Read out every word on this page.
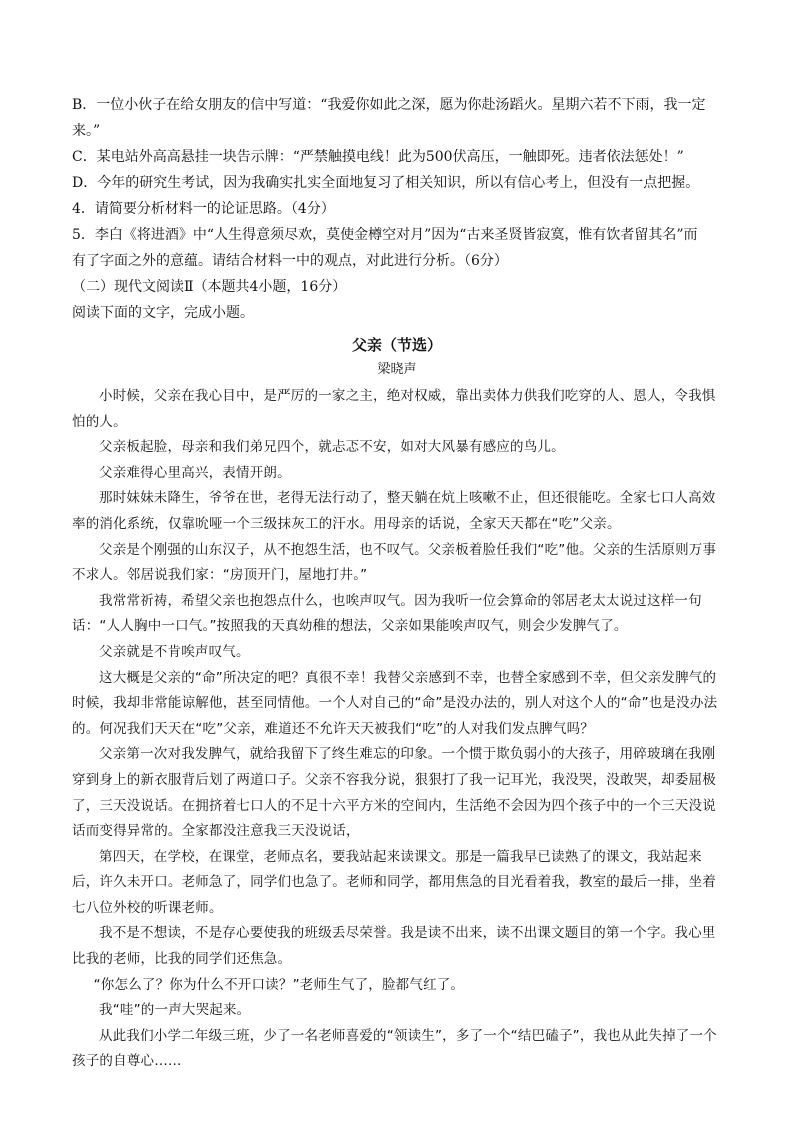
B．一位小伙子在给女朋友的信中写道：“我爱你如此之深，愿为你赴汤蹈火。星期六若不下雨，我一定来。”

C．某电站外高高悬挂一块告示牌：“严禁触摸电线！此为500伏高压，一触即死。违者依法惩处！”

D．今年的研究生考试，因为我确实扎实全面地复习了相关知识，所以有信心考上，但没有一点把握。

4．请简要分析材料一的论证思路。（4分）

5．李白《将进酒》中“人生得意须尽欢，莫使金樽空对月”因为“古来圣贤皆寂寞，惟有饮者留其名”而

有了字面之外的意蕴。请结合材料一中的观点，对此进行分析。（6分）

（二）现代文阅读Ⅱ（本题共4小题，16分）

阅读下面的文字，完成小题。

父亲（节选）
梁晓声

小时候，父亲在我心目中，是严厉的一家之主，绝对权威，靠出卖体力供我们吃穿的人、恩人，令我惧怕的人。

父亲板起脸，母亲和我们弟兄四个，就忐忑不安，如对大风暴有感应的鸟儿。

父亲难得心里高兴，表情开朗。

那时妹妹未降生，爷爷在世，老得无法行动了，整天躺在炕上咳嗽不止，但还很能吃。全家七口人高效率的消化系统，仅靠吮哑一个三级抹灰工的汗水。用母亲的话说，全家天天都在“吃”父亲。

父亲是个刚强的山东汉子，从不抱怨生活，也不叹气。父亲板着脸任我们“吃”他。父亲的生活原则万事不求人。邻居说我们家：“房顶开门，屋地打井。”

我常常祈祷，希望父亲也抱怨点什么，也唉声叹气。因为我听一位会算命的邻居老太太说过这样一句话：“人人胸中一口气。”按照我的天真幼稚的想法，父亲如果能唉声叹气，则会少发脾气了。

父亲就是不肯唉声叹气。

这大概是父亲的“命”所决定的吧？真很不幸！我替父亲感到不幸，也替全家感到不幸，但父亲发脾气的时候，我却非常能谅解他，甚至同情他。一个人对自己的“命”是没办法的，别人对这个人的“命”也是没办法的。何况我们天天在“吃”父亲，难道还不允许天天被我们“吃”的人对我们发点脾气吗？

父亲第一次对我发脾气，就给我留下了终生难忘的印象。一个惯于欺负弱小的大孩子，用碎玻璃在我刚穿到身上的新衣服背后划了两道口子。父亲不容我分说，狠狠打了我一记耳光，我没哭，没敢哭，却委屈极了，三天没说话。在拥挤着七口人的不足十六平方米的空间内，生活绝不会因为四个孩子中的一个三天没说话而变得异常的。全家都没注意我三天没说话，

第四天，在学校，在课堂，老师点名，要我站起来读课文。那是一篇我早已读熟了的课文，我站起来后，许久未开口。老师急了，同学们也急了。老师和同学，都用焦急的目光看着我，教室的最后一排，坐着七八位外校的听课老师。

我不是不想读，不是存心要使我的班级丢尽荣誉。我是读不出来，读不出课文题目的第一个字。我心里比我的老师，比我的同学们还焦急。

“你怎么了？你为什么不开口读？”老师生气了，脸都气红了。

我“哇”的一声大哭起来。

从此我们小学二年级三班，少了一名老师喜爱的“领读生”，多了一个“结巴磕子”，我也从此失掉了一个孩子的自尊心……
